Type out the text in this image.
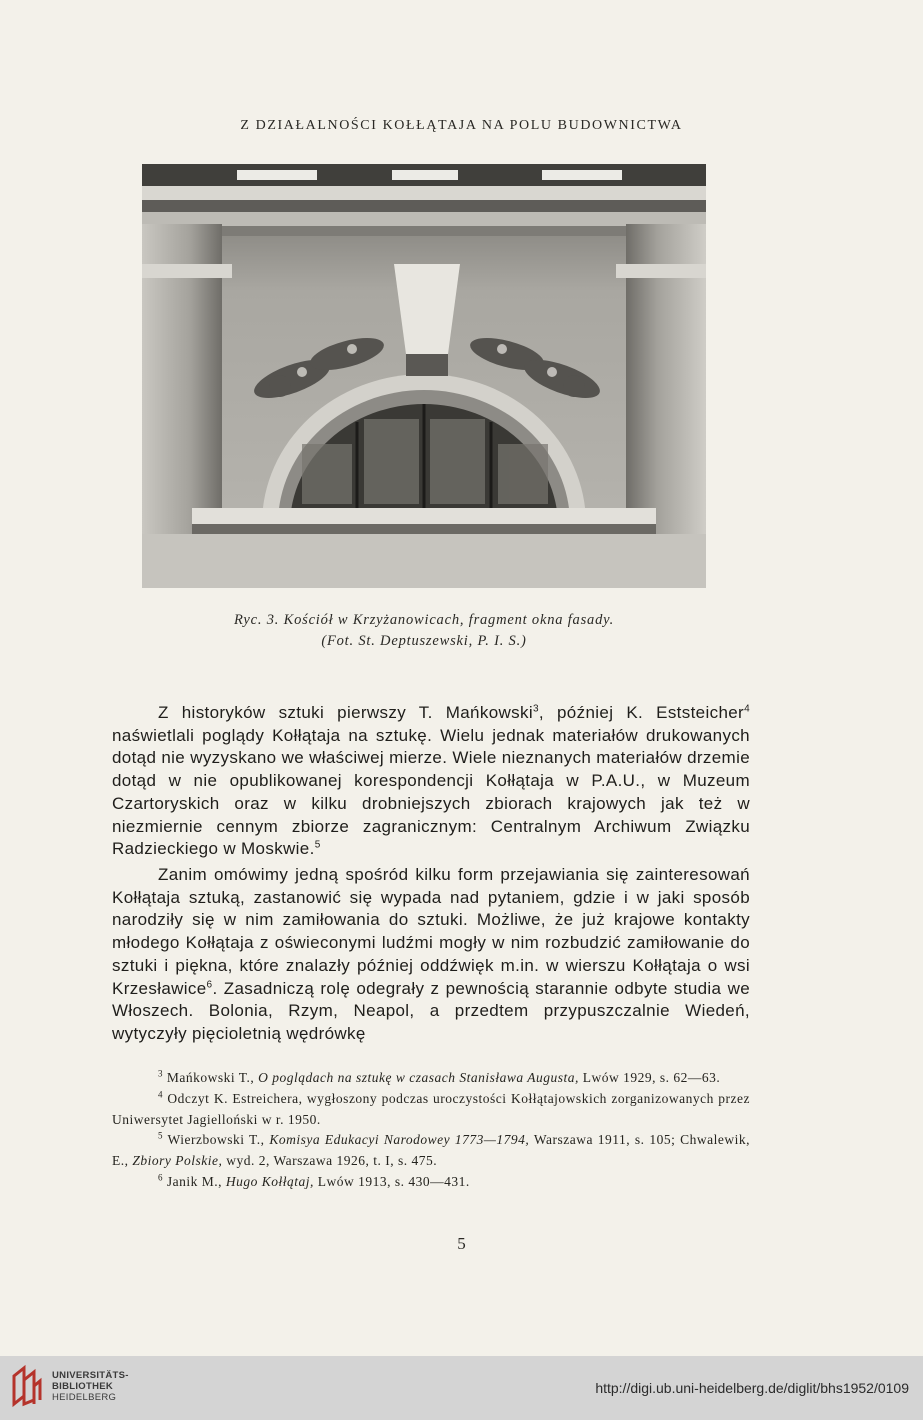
Z DZIAŁALNOŚCI KOŁŁĄTAJA NA POLU BUDOWNICTWA
Ryc. 3. Kościół w Krzyżanowicach, fragment okna fasady.
(Fot. St. Deptuszewski, P. I. S.)

Z historyków sztuki pierwszy T. Mańkowski$^3$, później K. Eststeicher$^4$ naświetlali poglądy Kołłątaja na sztukę. Wielu jednak materiałów drukowanych dotąd nie wyzyskano we właściwej mierze. Wiele nieznanych materiałów drzemie dotąd w nie opublikowanej korespondencji Kołłątaja w P.A.U., w Muzeum Czartoryskich oraz w kilku drobniejszych zbiorach krajowych jak też w niezmiernie cennym zbiorze zagranicznym: Centralnym Archiwum Związku Radzieckiego w Moskwie.$^5$

Zanim omówimy jedną spośród kilku form przejawiania się zainteresowań Kołłątaja sztuką, zastanowić się wypada nad pytaniem, gdzie i w jaki sposób narodziły się w nim zamiłowania do sztuki. Możliwe, że już krajowe kontakty młodego Kołłątaja z oświeconymi ludźmi mogły w nim rozbudzić zamiłowanie do sztuki i piękna, które znalazły później oddźwięk m.in. w wierszu Kołłątaja o wsi Krzesławice$^6$. Zasadniczą rolę odegrały z pewnością starannie odbyte studia we Włoszech. Bolonia, Rzym, Neapol, a przedtem przypuszczalnie Wiedeń, wytyczyły pięcioletnią wędrówkę

$^3$ Mańkowski T., O poglądach na sztukę w czasach Stanisława Augusta, Lwów 1929, s. 62—63.

$^4$ Odczyt K. Estreichera, wygłoszony podczas uroczystości Kołłątajowskich zorganizowanych przez Uniwersytet Jagielloński w r. 1950.

$^5$ Wierzbowski T., Komisya Edukacyi Narodowey 1773—1794, Warszawa 1911, s. 105; Chwalewik, E., Zbiory Polskie, wyd. 2, Warszawa 1926, t. I, s. 475.

$^6$ Janik M., Hugo Kołłątaj, Lwów 1913, s. 430—431.

5
UNIVERSITÄTS-
BIBLIOTHEK
HEIDELBERG
http://digi.ub.uni-heidelberg.de/diglit/bhs1952/0109
